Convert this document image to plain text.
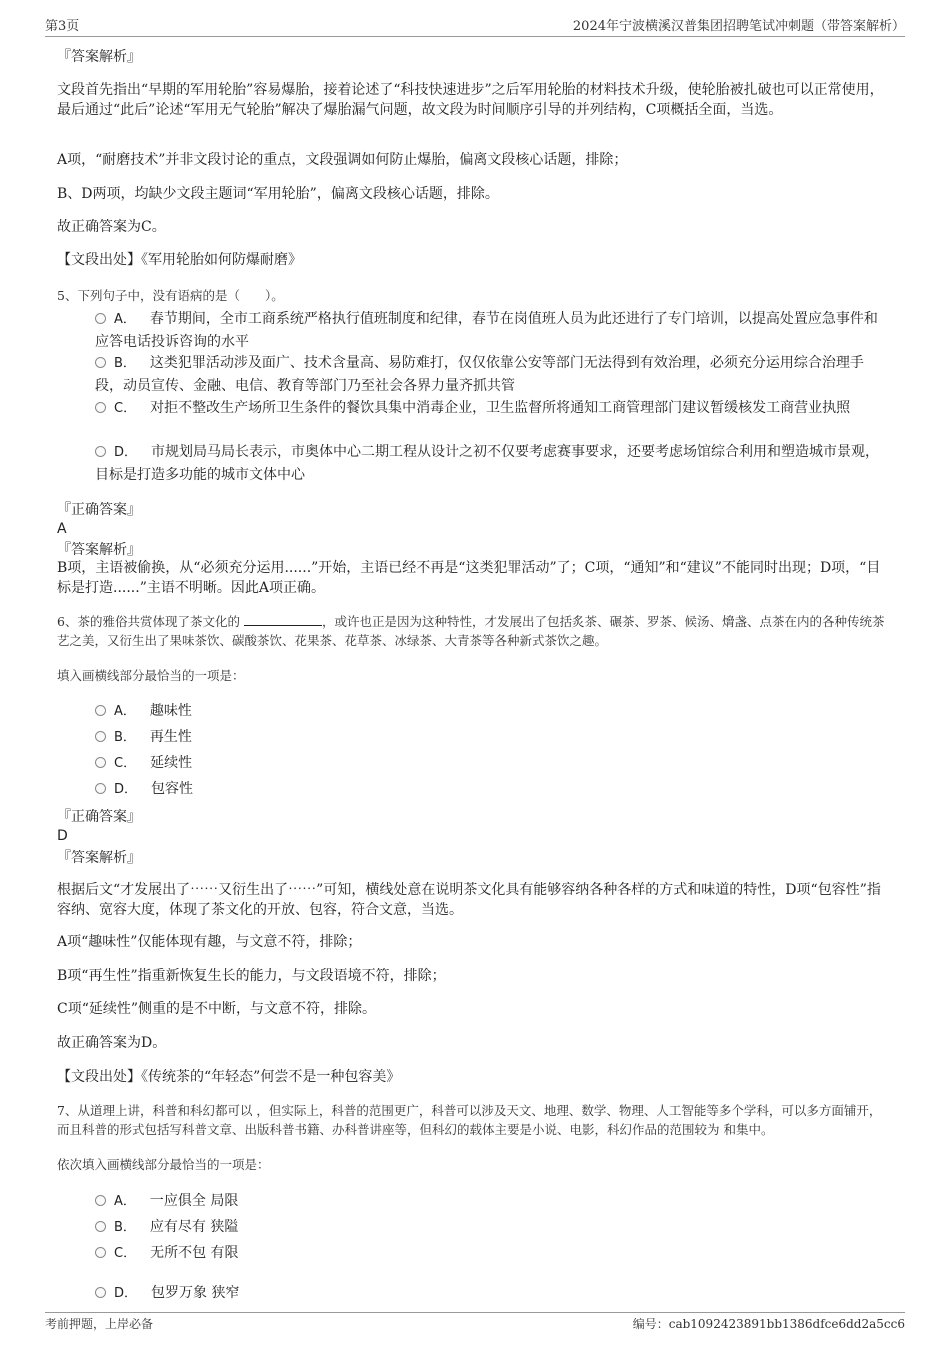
第3页	2024年宁波横溪汉普集团招聘笔试冲刺题（带答案解析）
『答案解析』
文段首先指出“早期的军用轮胎”容易爆胎，接着论述了“科技快速进步”之后军用轮胎的材料技术升级，使轮胎被扎破也可以正常使用，最后通过“此后”论述“军用无气轮胎”解决了爆胎漏气问题，故文段为时间顺序引导的并列结构，C项概括全面，当选。
A项，“耐磨技术”并非文段讨论的重点，文段强调如何防止爆胎，偏离文段核心话题，排除；
B、D两项，均缺少文段主题词“军用轮胎”，偏离文段核心话题，排除。
故正确答案为C。
【文段出处】《军用轮胎如何防爆耐磨》
5、下列句子中，没有语病的是（　　）。
A． 春节期间，全市工商系统严格执行值班制度和纪律，春节在岗值班人员为此还进行了专门培训，以提高处置应急事件和应答电话投诉咨询的水平
B． 这类犯罪活动涉及面广、技术含量高、易防难打，仅仅依靠公安等部门无法得到有效治理，必须充分运用综合治理手段，动员宣传、金融、电信、教育等部门乃至社会各界力量齐抓共管
C． 对拒不整改生产场所卫生条件的餐饮具集中消毒企业，卫生监督所将通知工商管理部门建议暂缓核发工商营业执照
D． 市规划局马局长表示，市奥体中心二期工程从设计之初不仅要考虑赛事要求，还要考虑场馆综合利用和塑造城市景观，目标是打造多功能的城市文体中心
『正确答案』
A
『答案解析』
B项，主语被偷换，从“必须充分运用......”开始，主语已经不再是“这类犯罪活动”了；C项，“通知”和“建议”不能同时出现；D项，“目标是打造......”主语不明晰。因此A项正确。
6、茶的雅俗共赏体现了茶文化的	，或许也正是因为这种特性，才发展出了包括炙茶、碾茶、罗茶、候汤、熁盏、点茶在内的各种传统茶艺之美，又衍生出了果味茶饮、碳酸茶饮、花果茶、花草茶、冰绿茶、大青茶等各种新式茶饮之趣。
填入画横线部分最恰当的一项是：
A． 趣味性
B． 再生性
C． 延续性
D． 包容性
『正确答案』
D
『答案解析』
根据后文“才发展出了⋯⋯又衍生出了⋯⋯”可知，横线处意在说明茶文化具有能够容纳各种各样的方式和味道的特性，D项“包容性”指容纳、宽容大度，体现了茶文化的开放、包容，符合文意，当选。
A项“趣味性”仅能体现有趣，与文意不符，排除；
B项“再生性”指重新恢复生长的能力，与文段语境不符，排除；
C项“延续性”侧重的是不中断，与文意不符，排除。
故正确答案为D。
【文段出处】《传统茶的“年轻态”何尝不是一种包容美》
7、从道理上讲，科普和科幻都可以 ，但实际上，科普的范围更广，科普可以涉及天文、地理、数学、物理、人工智能等多个学科，可以多方面铺开，而且科普的形式包括写科普文章、出版科普书籍、办科普讲座等，但科幻的载体主要是小说、电影，科幻作品的范围较为 和集中。
依次填入画横线部分最恰当的一项是：
A． 一应俱全 局限
B． 应有尽有 狭隘
C． 无所不包 有限
D． 包罗万象 狭窄
考前押题，上岸必备	编号：cab1092423891bb1386dfce6dd2a5cc6
